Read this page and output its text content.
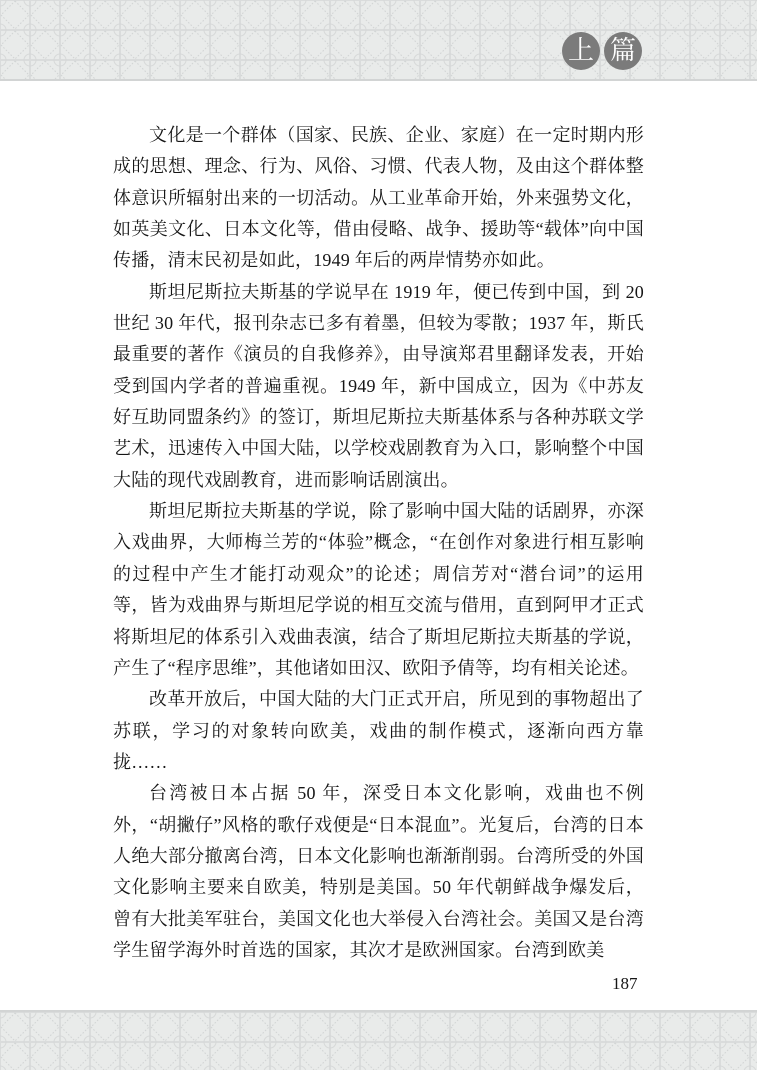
上 篇

文化是一个群体（国家、民族、企业、家庭）在一定时期内形成的思想、理念、行为、风俗、习惯、代表人物，及由这个群体整体意识所辐射出来的一切活动。从工业革命开始，外来强势文化，如英美文化、日本文化等，借由侵略、战争、援助等“载体”向中国传播，清末民初是如此，1949 年后的两岸情势亦如此。

斯坦尼斯拉夫斯基的学说早在 1919 年，便已传到中国，到 20 世纪 30 年代，报刊杂志已多有着墨，但较为零散；1937 年，斯氏最重要的著作《演员的自我修养》，由导演郑君里翻译发表，开始受到国内学者的普遍重视。1949 年，新中国成立，因为《中苏友好互助同盟条约》的签订，斯坦尼斯拉夫斯基体系与各种苏联文学艺术，迅速传入中国大陆，以学校戏剧教育为入口，影响整个中国大陆的现代戏剧教育，进而影响话剧演出。

斯坦尼斯拉夫斯基的学说，除了影响中国大陆的话剧界，亦深入戏曲界，大师梅兰芳的“体验”概念，“在创作对象进行相互影响的过程中产生才能打动观众”的论述；周信芳对“潜台词”的运用等，皆为戏曲界与斯坦尼学说的相互交流与借用，直到阿甲才正式将斯坦尼的体系引入戏曲表演，结合了斯坦尼斯拉夫斯基的学说，产生了“程序思维”，其他诸如田汉、欧阳予倩等，均有相关论述。

改革开放后，中国大陆的大门正式开启，所见到的事物超出了苏联，学习的对象转向欧美，戏曲的制作模式，逐渐向西方靠拢……

台湾被日本占据 50 年，深受日本文化影响，戏曲也不例外，“胡撇仔”风格的歌仔戏便是“日本混血”。光复后，台湾的日本人绝大部分撤离台湾，日本文化影响也渐渐削弱。台湾所受的外国文化影响主要来自欧美，特别是美国。50 年代朝鲜战争爆发后，曾有大批美军驻台，美国文化也大举侵入台湾社会。美国又是台湾学生留学海外时首选的国家，其次才是欧洲国家。台湾到欧美

187
